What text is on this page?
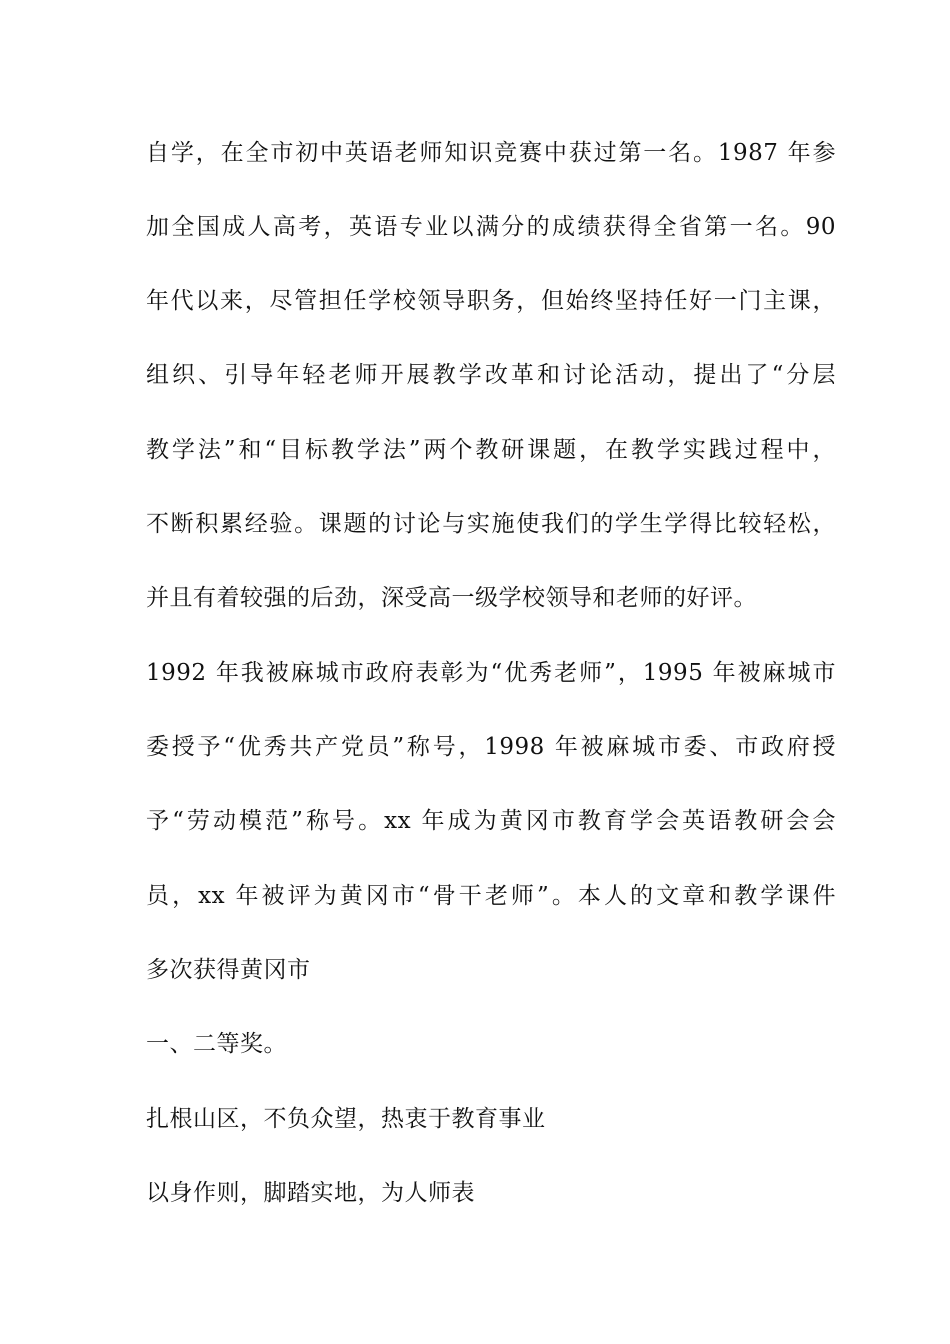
自学，在全市初中英语老师知识竞赛中获过第一名。1987 年参
加全国成人高考，英语专业以满分的成绩获得全省第一名。90
年代以来，尽管担任学校领导职务，但始终坚持任好一门主课，
组织、引导年轻老师开展教学改革和讨论活动，提出了“分层
教学法”和“目标教学法”两个教研课题，在教学实践过程中，
不断积累经验。课题的讨论与实施使我们的学生学得比较轻松，
并且有着较强的后劲，深受高一级学校领导和老师的好评。
1992 年我被麻城市政府表彰为“优秀老师”，1995 年被麻城市
委授予“优秀共产党员”称号，1998 年被麻城市委、市政府授
予“劳动模范”称号。xx 年成为黄冈市教育学会英语教研会会
员，xx 年被评为黄冈市“骨干老师”。本人的文章和教学课件
多次获得黄冈市
一、二等奖。
扎根山区，不负众望，热衷于教育事业
以身作则，脚踏实地，为人师表
